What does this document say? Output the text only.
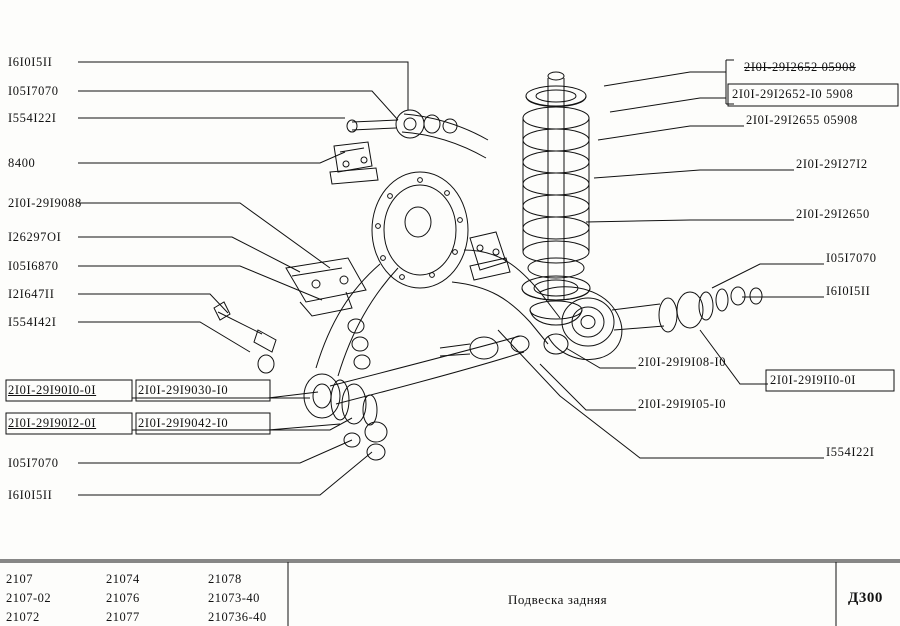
I6I0I5II
I05I7070
I554I22I
8400
2I0I-29I9088
I26297OI
I05I6870
I2I647II
I554I42I
I05I7070
I6I0I5II
2I0I-29I90I0-0I
2I0I-29I90I2-0I
2I0I-29I9030-I0
2I0I-29I9042-I0
2I0I-29I2652 05908
2I0I-29I2652-I0 5908
2I0I-29I2655 05908
2I0I-29I27I2
2I0I-29I2650
I05I7070
I6I0I5II
2I0I-29I9I08-I0
2I0I-29I9II0-0I
2I0I-29I9I05-I0
I554I22I
2107
2107-02
21072
21074
21076
21077
21078
21073-40
210736-40
Подвеска задняя	Д300
